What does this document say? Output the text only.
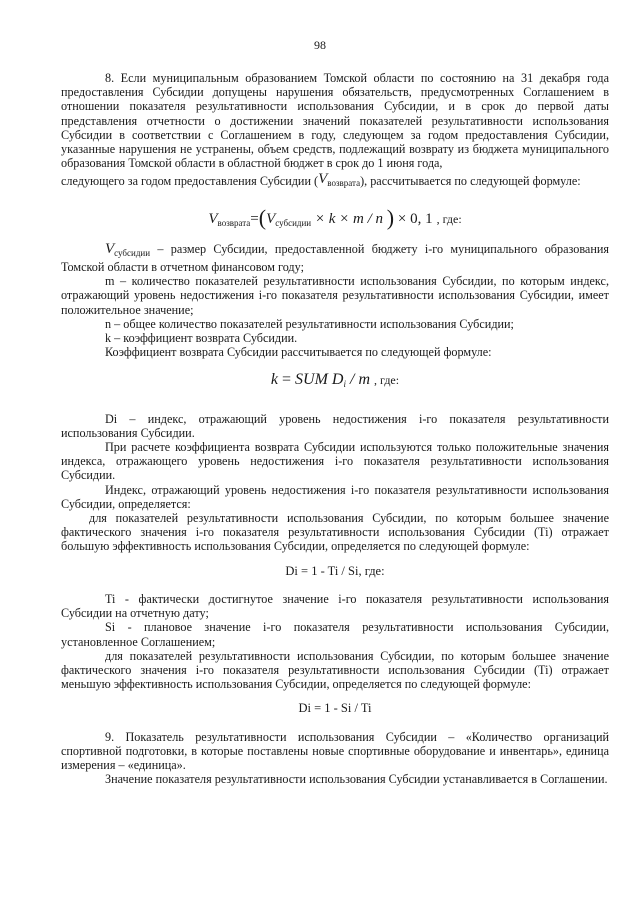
98

8. Если муниципальным образованием Томской области по состоянию на 31 декабря года предоставления Субсидии допущены нарушения обязательств, предусмотренных Соглашением в отношении показателя результативности использования Субсидии, и в срок до первой даты представления отчетности о достижении значений показателей результативности использования Субсидии в соответствии с Соглашением в году, следующем за годом предоставления Субсидии, указанные нарушения не устранены, объем средств, подлежащий возврату из бюджета муниципального образования Томской области в областной бюджет в срок до 1 июня года,

следующего за годом предоставления Субсидии $(V_{возврата})$, рассчитывается по следующей формуле:

$V_{возврата}=(V_{субсидии} \times k \times m / n$ ) × 0, 1 , где:

$V_{субсидии}$ – размер Субсидии, предоставленной бюджету i-го муниципального образования Томской области в отчетном финансовом году;

m – количество показателей результативности использования Субсидии, по которым индекс, отражающий уровень недостижения i-го показателя результативности использования Субсидии, имеет положительное значение;

n – общее количество показателей результативности использования Субсидии;

k – коэффициент возврата Субсидии.

Коэффициент возврата Субсидии рассчитывается по следующей формуле:

k = SUM $D_i$ / m , где:

Di – индекс, отражающий уровень недостижения i-го показателя результативности использования Субсидии.

При расчете коэффициента возврата Субсидии используются только положительные значения индекса, отражающего уровень недостижения i-го показателя результативности использования Субсидии.

Индекс, отражающий уровень недостижения i-го показателя результативности использования Субсидии, определяется:

для показателей результативности использования Субсидии, по которым большее значение фактического значения i-го показателя результативности использования Субсидии (Ti) отражает большую эффективность использования Субсидии, определяется по следующей формуле:

Di = 1 - Ti / Si, где:

Ti - фактически достигнутое значение i-го показателя результативности использования Субсидии на отчетную дату;

Si - плановое значение i-го показателя результативности использования Субсидии, установленное Соглашением;

для показателей результативности использования Субсидии, по которым большее значение фактического значения i-го показателя результативности использования Субсидии (Ti) отражает меньшую эффективность использования Субсидии, определяется по следующей формуле:

Di = 1 - Si / Ti

9. Показатель результативности использования Субсидии – «Количество организаций спортивной подготовки, в которые поставлены новые спортивные оборудование и инвентарь», единица измерения – «единица».

Значение показателя результативности использования Субсидии устанавливается в Соглашении.
